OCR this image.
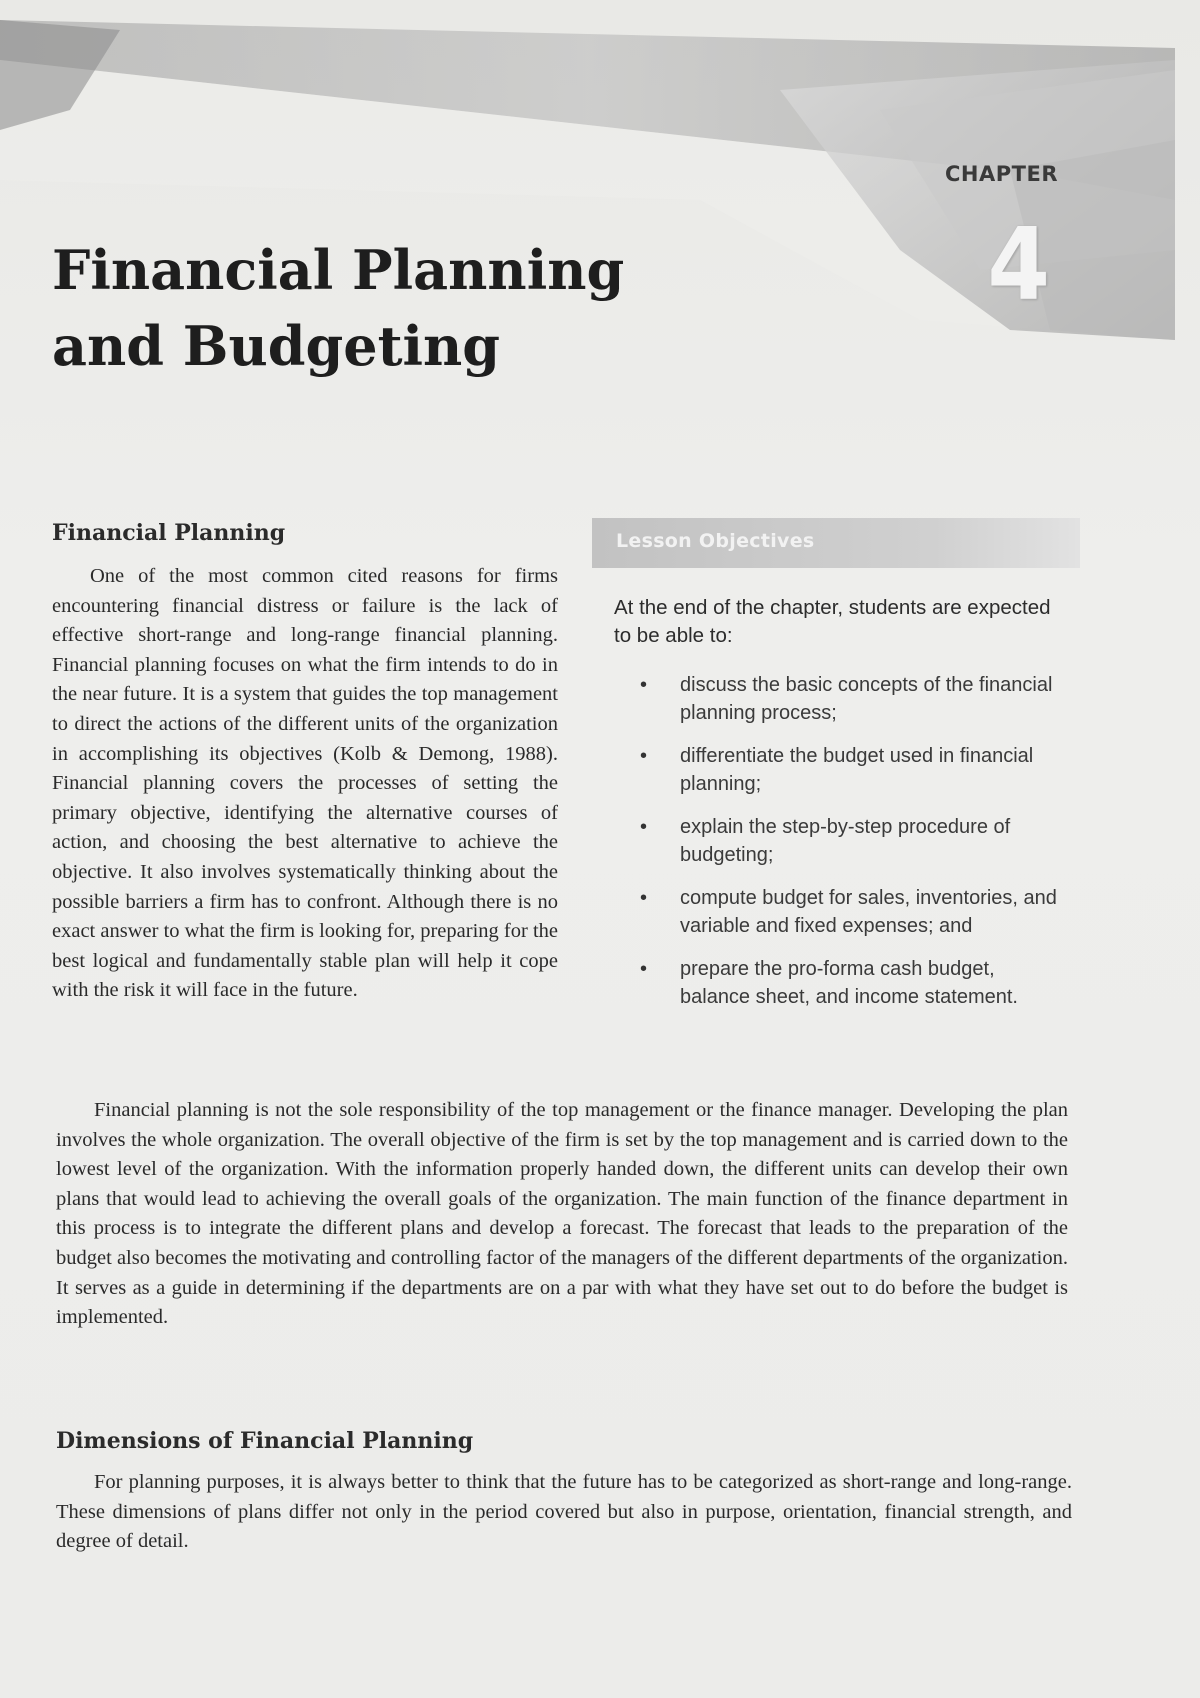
CHAPTER
4
Financial Planning
and Budgeting
Financial Planning

One of the most common cited reasons for firms encountering financial distress or failure is the lack of effective short-range and long-range financial planning. Financial planning focuses on what the firm intends to do in the near future. It is a system that guides the top management to direct the actions of the different units of the organization in accomplishing its objectives (Kolb & Demong, 1988). Financial planning covers the processes of setting the primary objective, identifying the alternative courses of action, and choosing the best alternative to achieve the objective. It also involves systematically thinking about the possible barriers a firm has to confront. Although there is no exact answer to what the firm is looking for, preparing for the best logical and fundamentally stable plan will help it cope with the risk it will face in the future.

Lesson Objectives
At the end of the chapter, students are expected to be able to:
• discuss the basic concepts of the financial planning process;
• differentiate the budget used in financial planning;
• explain the step-by-step procedure of budgeting;
• compute budget for sales, inventories, and variable and fixed expenses; and
• prepare the pro-forma cash budget, balance sheet, and income statement.

Financial planning is not the sole responsibility of the top management or the finance manager. Developing the plan involves the whole organization. The overall objective of the firm is set by the top management and is carried down to the lowest level of the organization. With the information properly handed down, the different units can develop their own plans that would lead to achieving the overall goals of the organization. The main function of the finance department in this process is to integrate the different plans and develop a forecast. The forecast that leads to the preparation of the budget also becomes the motivating and controlling factor of the managers of the different departments of the organization. It serves as a guide in determining if the departments are on a par with what they have set out to do before the budget is implemented.

Dimensions of Financial Planning

For planning purposes, it is always better to think that the future has to be categorized as short-range and long-range. These dimensions of plans differ not only in the period covered but also in purpose, orientation, financial strength, and degree of detail.
